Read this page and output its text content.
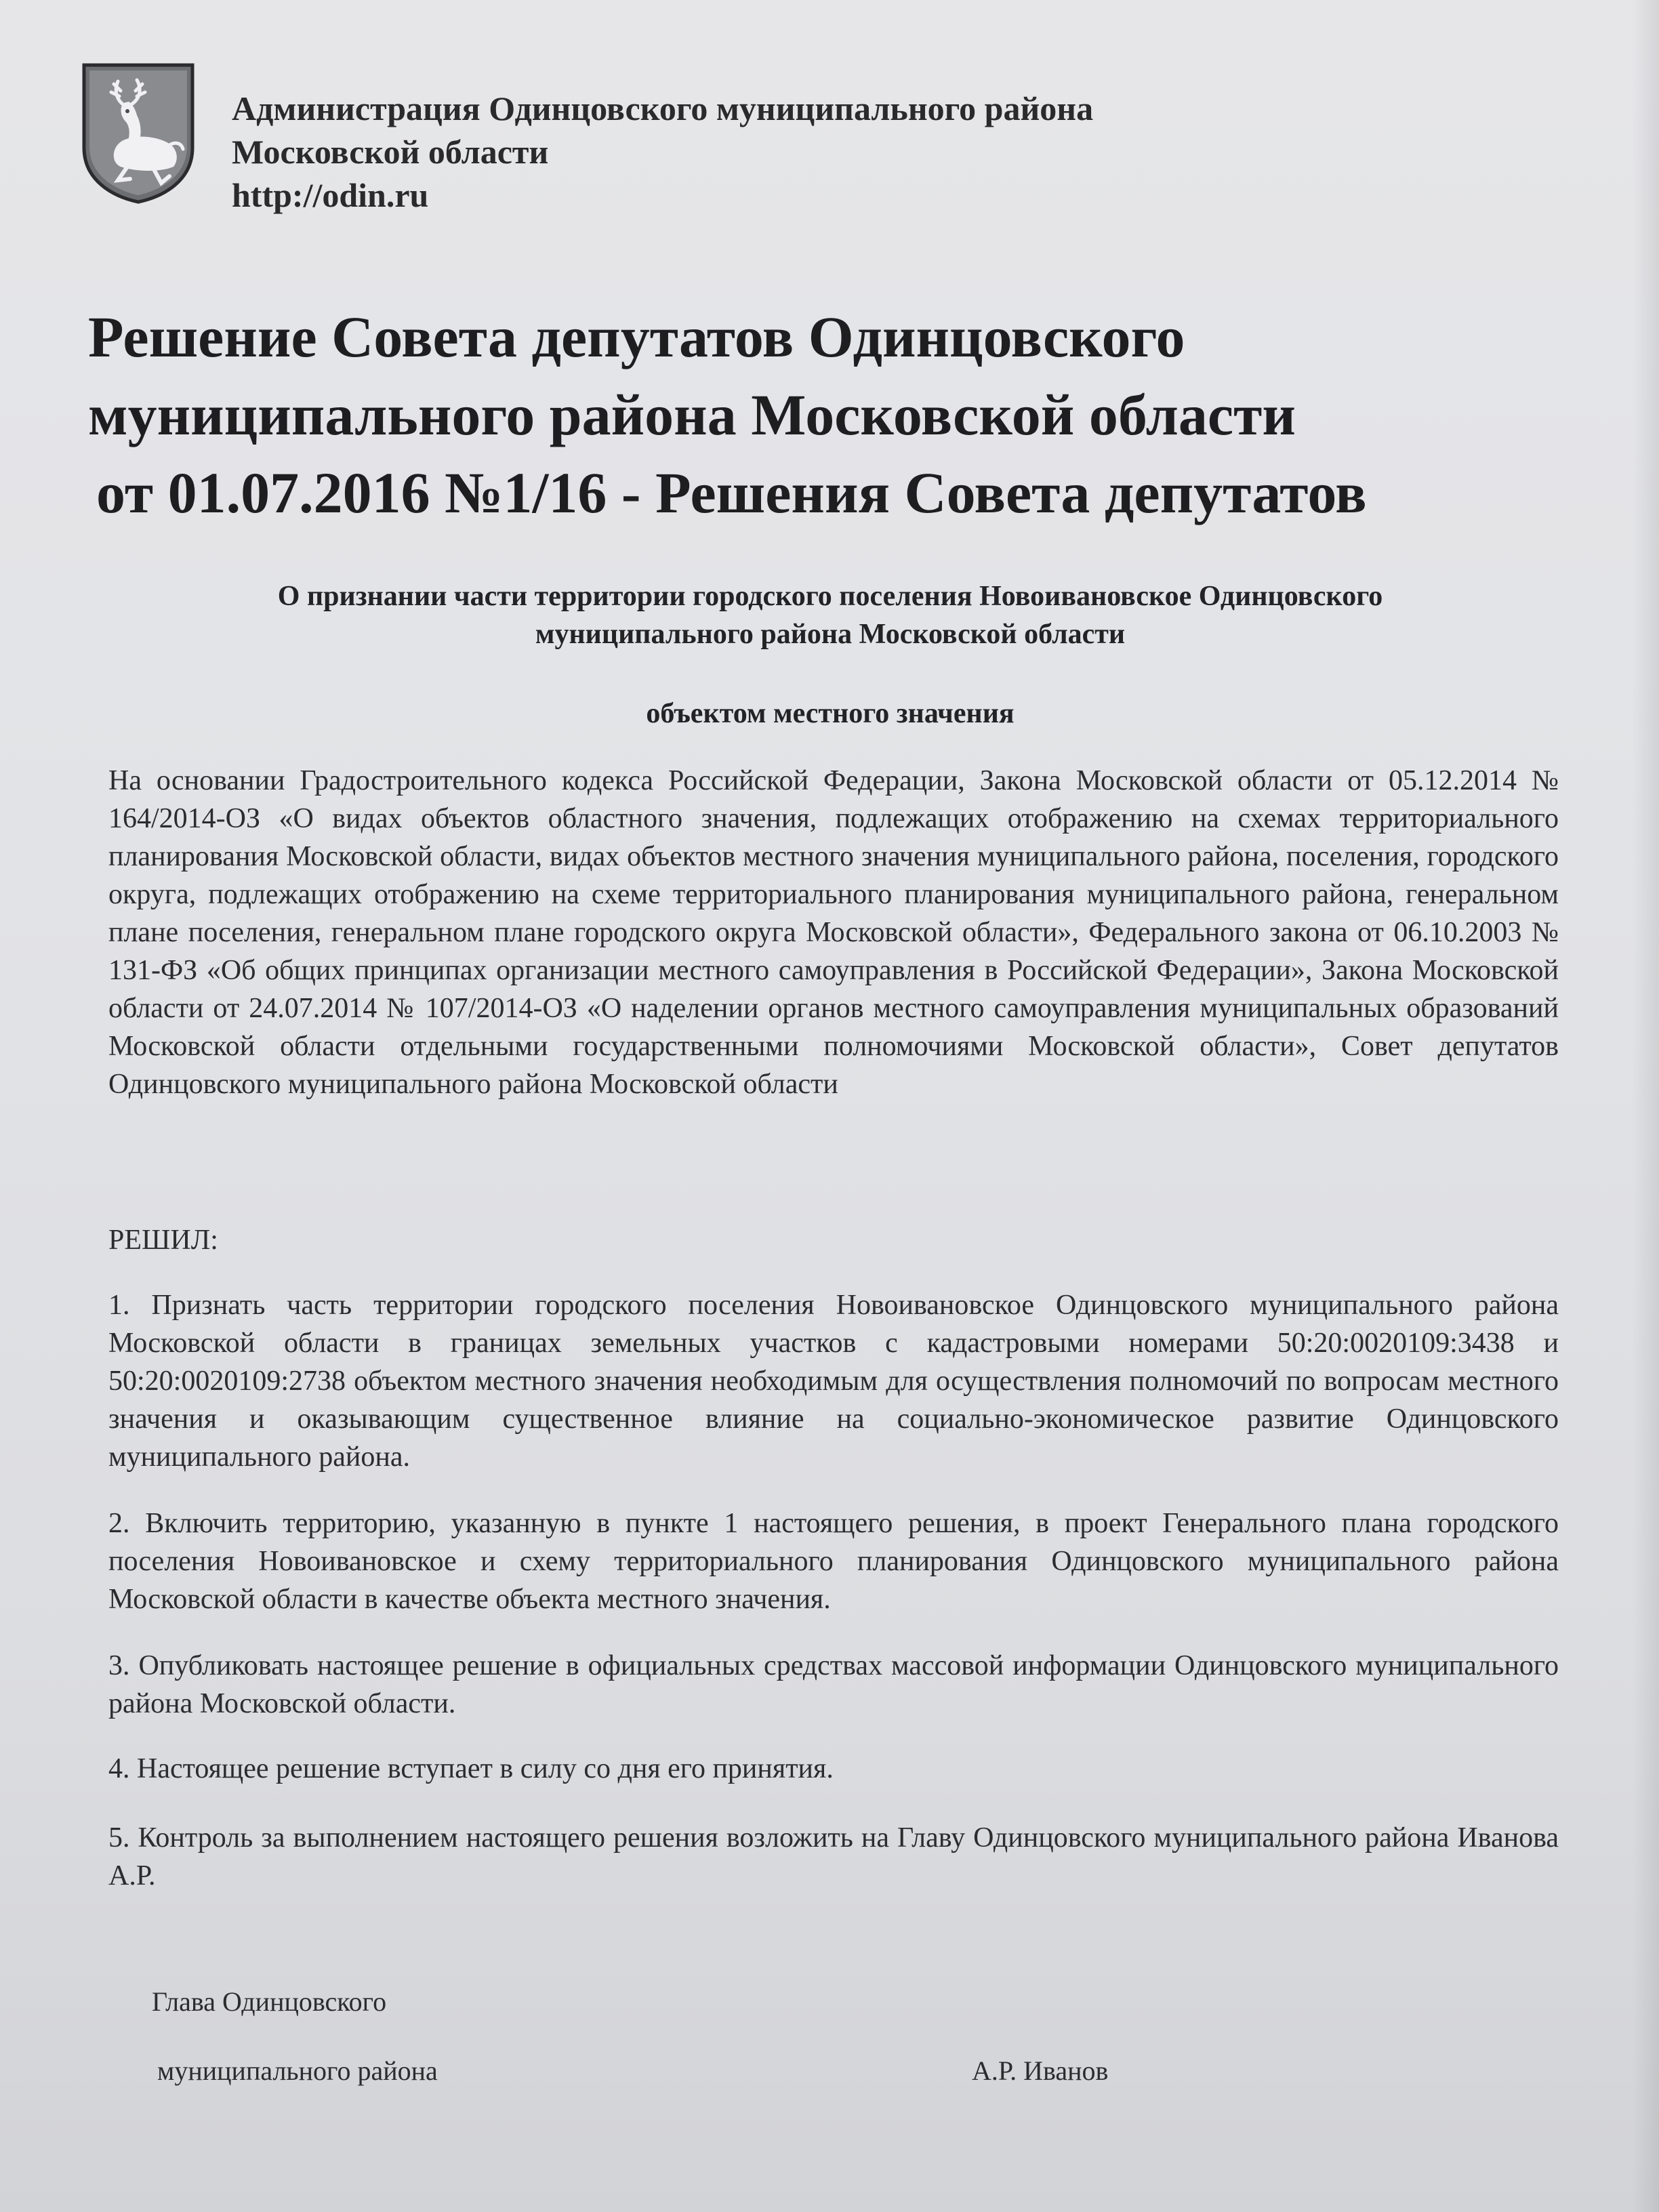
Администрация Одинцовского муниципального района
Московской области
http://odin.ru
Решение Совета депутатов Одинцовского
муниципального района Московской области
от 01.07.2016 №1/16 - Решения Совета депутатов
О признании части территории городского поселения Новоивановское Одинцовского
муниципального района Московской области
объектом местного значения
На основании Градостроительного кодекса Российской Федерации, Закона Московской области от 05.12.2014 № 164/2014-ОЗ «О видах объектов областного значения, подлежащих отображению на схемах территориального планирования Московской области, видах объектов местного значения муниципального района, поселения, городского округа, подлежащих отображению на схеме территориального планирования муниципального района, генеральном плане поселения, генеральном плане городского округа Московской области», Федерального закона от 06.10.2003 № 131-ФЗ «Об общих принципах организации местного самоуправления в Российской Федерации», Закона Московской области от 24.07.2014 № 107/2014-ОЗ «О наделении органов местного самоуправления муниципальных образований Московской области отдельными государственными полномочиями Московской области», Совет депутатов Одинцовского муниципального района Московской области
РЕШИЛ:
1. Признать часть территории городского поселения Новоивановское Одинцовского муниципального района Московской области в границах земельных участков с кадастровыми номерами 50:20:0020109:3438 и 50:20:0020109:2738 объектом местного значения необходимым для осуществления полномочий по вопросам местного значения и оказывающим существенное влияние на социально-экономическое развитие Одинцовского муниципального района.
2. Включить территорию, указанную в пункте 1 настоящего решения, в проект Генерального плана городского поселения Новоивановское и схему территориального планирования Одинцовского муниципального района Московской области в качестве объекта местного значения.
3. Опубликовать настоящее решение в официальных средствах массовой информации Одинцовского муниципального района Московской области.
4. Настоящее решение вступает в силу со дня его принятия.
5. Контроль за выполнением настоящего решения возложить на Главу Одинцовского муниципального района Иванова А.Р.
Глава Одинцовского
муниципального района	А.Р. Иванов
